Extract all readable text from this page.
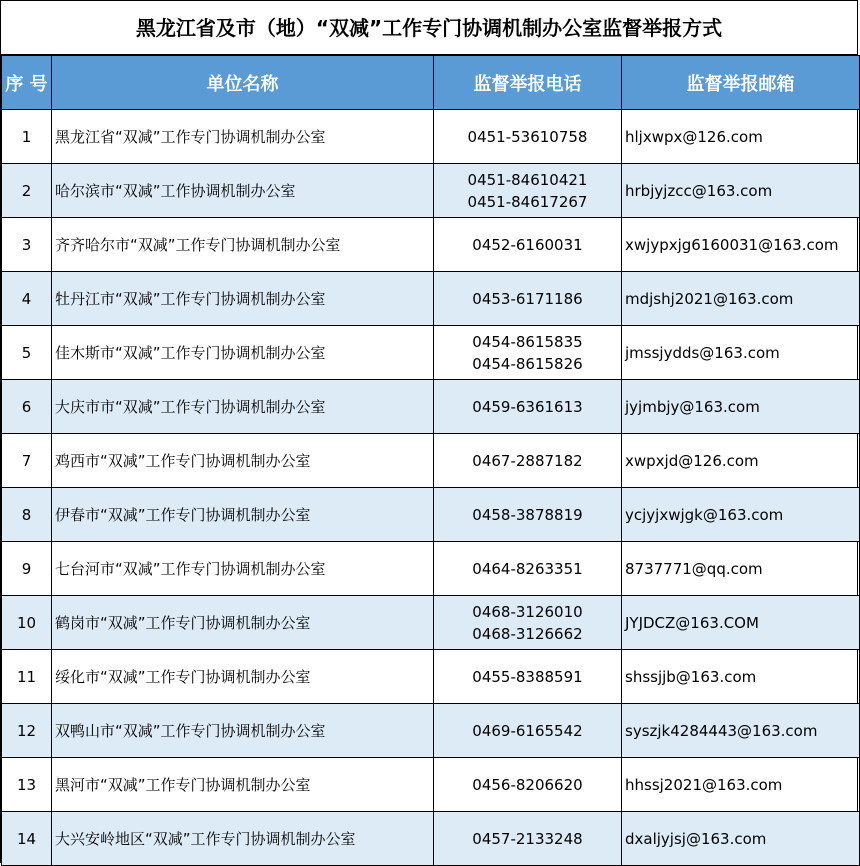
黑龙江省及市（地）“双减”工作专门协调机制办公室监督举报方式
序 号	单位名称	监督举报电话	监督举报邮箱
1	黑龙江省“双减”工作专门协调机制办公室	0451-53610758	hljxwpx@126.com
2	哈尔滨市“双减”工作协调机制办公室	0451-84610421
0451-84617267	hrbjyjzcc@163.com
3	齐齐哈尔市“双减”工作专门协调机制办公室	0452-6160031	xwjypxjg6160031@163.com
4	牡丹江市“双减”工作专门协调机制办公室	0453-6171186	mdjshj2021@163.com
5	佳木斯市“双减”工作专门协调机制办公室	0454-8615835
0454-8615826	jmssjydds@163.com
6	大庆市市“双减”工作专门协调机制办公室	0459-6361613	jyjmbjy@163.com
7	鸡西市“双减”工作专门协调机制办公室	0467-2887182	xwpxjd@126.com
8	伊春市“双减”工作专门协调机制办公室	0458-3878819	ycjyjxwjgk@163.com
9	七台河市“双减”工作专门协调机制办公室	0464-8263351	8737771@qq.com
10	鹤岗市“双减”工作专门协调机制办公室	0468-3126010
0468-3126662	JYJDCZ@163.COM
11	绥化市“双减”工作专门协调机制办公室	0455-8388591	shssjjb@163.com
12	双鸭山市“双减”工作专门协调机制办公室	0469-6165542	syszjk4284443@163.com
13	黑河市“双减”工作专门协调机制办公室	0456-8206620	hhssj2021@163.com
14	大兴安岭地区“双减”工作专门协调机制办公室	0457-2133248	dxaljyjsj@163.com
